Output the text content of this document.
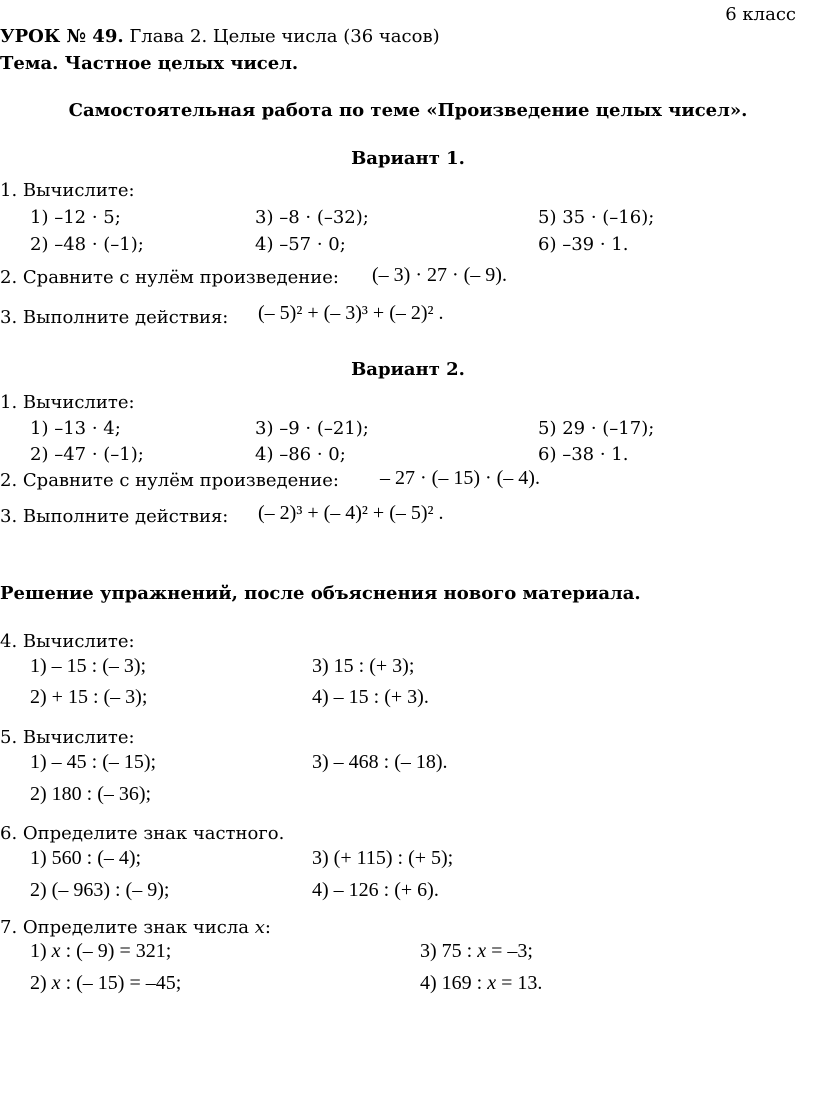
6 класс
УРОК № 49. Глава 2. Целые числа (36 часов)
Тема. Частное целых чисел.
Самостоятельная работа по теме «Произведение целых чисел».
Вариант 1.
1. Вычислите:
1) –12 · 5;	3) –8 · (–32);	5) 35 · (–16);
2) –48 · (–1);	4) –57 · 0;	6) –39 · 1.
2. Сравните с нулём произведение: (– 3) · 27 · (– 9).
3. Выполните действия: (– 5)² + (– 3)³ + (– 2)² .
Вариант 2.
1. Вычислите:
1) –13 · 4;	3) –9 · (–21);	5) 29 · (–17);
2) –47 · (–1);	4) –86 · 0;	6) –38 · 1.
2. Сравните с нулём произведение: – 27 · (– 15) · (– 4).
3. Выполните действия: (– 2)³ + (– 4)² + (– 5)² .
Решение упражнений, после объяснения нового материала.
4. Вычислите:
1) – 15 : (– 3);	3) 15 : (+ 3);
2) + 15 : (– 3);	4) – 15 : (+ 3).
5. Вычислите:
1) – 45 : (– 15);	3) – 468 : (– 18).
2) 180 : (– 36);
6. Определите знак частного.
1) 560 : (– 4);	3) (+ 115) : (+ 5);
2) (– 963) : (– 9);	4) – 126 : (+ 6).
7. Определите знак числа x:
1) x : (– 9) = 321;	3) 75 : x = –3;
2) x : (– 15) = –45;	4) 169 : x = 13.
